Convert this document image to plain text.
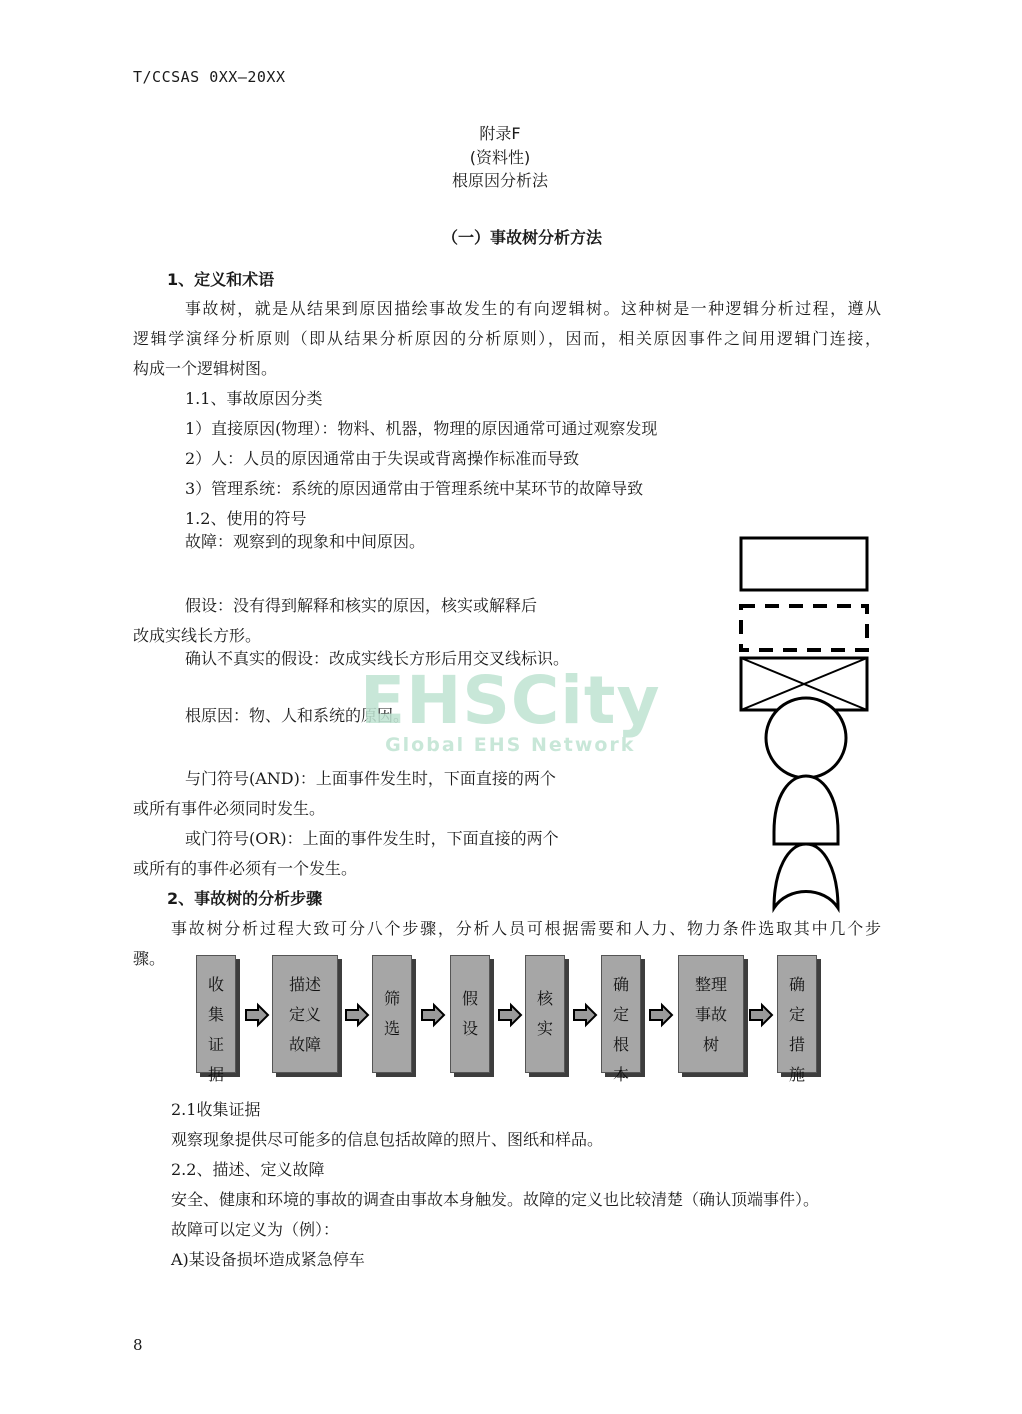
T/CCSAS 0XX—20XX
附录F
(资料性)
根原因分析法
（一）事故树分析方法
1、定义和术语
事故树，就是从结果到原因描绘事故发生的有向逻辑树。这种树是一种逻辑分析过程，遵从
逻辑学演绎分析原则（即从结果分析原因的分析原则），因而，相关原因事件之间用逻辑门连接，
构成一个逻辑树图。
1.1、事故原因分类
1）直接原因(物理）：物料、机器，物理的原因通常可通过观察发现
2）人：人员的原因通常由于失误或背离操作标准而导致
3）管理系统：系统的原因通常由于管理系统中某环节的故障导致
1.2、使用的符号
故障：观察到的现象和中间原因。
假设：没有得到解释和核实的原因，核实或解释后
改成实线长方形。
确认不真实的假设：改成实线长方形后用交叉线标识。
根原因：物、人和系统的原因。
与门符号(AND)：上面事件发生时，下面直接的两个
或所有事件必须同时发生。
或门符号(OR)：上面的事件发生时，下面直接的两个
或所有的事件必须有一个发生。
EHSCity
Global EHS Network
2、事故树的分析步骤
事故树分析过程大致可分八个步骤，分析人员可根据需要和人力、物力条件选取其中几个步
骤。
收
集
证
据
描述
定义
故障
筛
选
假
设
核
实
确
定
根
本
整理
事故
树
确
定
措
施
2.1收集证据
观察现象提供尽可能多的信息包括故障的照片、图纸和样品。
2.2、描述、定义故障
安全、健康和环境的事故的调查由事故本身触发。故障的定义也比较清楚（确认顶端事件）。
故障可以定义为（例）：
A)某设备损坏造成紧急停车
8
